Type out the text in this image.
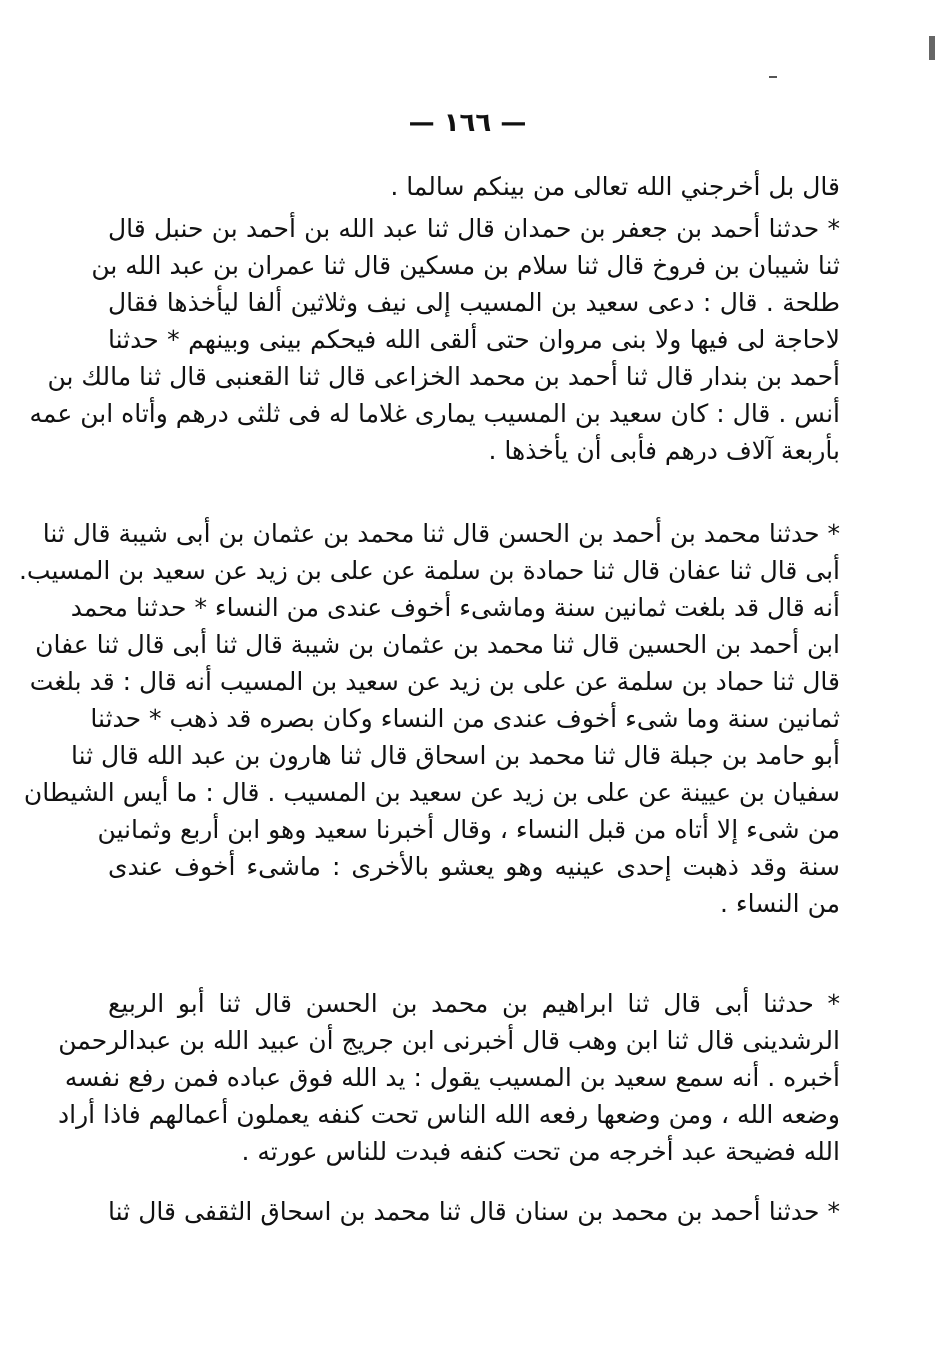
— ١٦٦ —
قال بل أخرجني الله تعالى من بينكم سالما .
* حدثنا أحمد بن جعفر بن حمدان قال ثنا عبد الله بن أحمد بن حنبل قال
ثنا شيبان بن فروخ قال ثنا سلام بن مسكين قال ثنا عمران بن عبد الله بن
طلحة . قال : دعى سعيد بن المسيب إلى نيف وثلاثين ألفا ليأخذها فقال
لاحاجة لى فيها ولا بنى مروان حتى ألقى الله فيحكم بينى وبينهم * حدثنا
أحمد بن بندار قال ثنا أحمد بن محمد الخزاعى قال ثنا القعنبى قال ثنا مالك بن
أنس . قال : كان سعيد بن المسيب يمارى غلاما له فى ثلثى درهم وأتاه ابن عمه
بأربعة آلاف درهم فأبى أن يأخذها .
* حدثنا محمد بن أحمد بن الحسن قال ثنا محمد بن عثمان بن أبى شيبة قال ثنا
أبى قال ثنا عفان قال ثنا حمادة بن سلمة عن على بن زيد عن سعيد بن المسيب.
أنه قال قد بلغت ثمانين سنة وماشىء أخوف عندى من النساء * حدثنا محمد
ابن أحمد بن الحسين قال ثنا محمد بن عثمان بن شيبة قال ثنا أبى قال ثنا عفان
قال ثنا حماد بن سلمة عن على بن زيد عن سعيد بن المسيب أنه قال : قد بلغت
ثمانين سنة وما شىء أخوف عندى من النساء وكان بصره قد ذهب * حدثنا
أبو حامد بن جبلة قال ثنا محمد بن اسحاق قال ثنا هارون بن عبد الله قال ثنا
سفيان بن عيينة عن على بن زيد عن سعيد بن المسيب . قال : ما أيس الشيطان
من شىء إلا أتاه من قبل النساء ، وقال أخبرنا سعيد وهو ابن أربع وثمانين
سنة وقد ذهبت إحدى عينيه وهو يعشو بالأخرى : ماشىء أخوف عندى
من النساء .
* حدثنا أبى قال ثنا ابراهيم بن محمد بن الحسن قال ثنا أبو الربيع
الرشدينى قال ثنا ابن وهب قال أخبرنى ابن جريج أن عبيد الله بن عبدالرحمن
أخبره . أنه سمع سعيد بن المسيب يقول : يد الله فوق عباده فمن رفع نفسه
وضعه الله ، ومن وضعها رفعه الله الناس تحت كنفه يعملون أعمالهم فاذا أراد
الله فضيحة عبد أخرجه من تحت كنفه فبدت للناس عورته .
* حدثنا أحمد بن محمد بن سنان قال ثنا محمد بن اسحاق الثقفى قال ثنا
